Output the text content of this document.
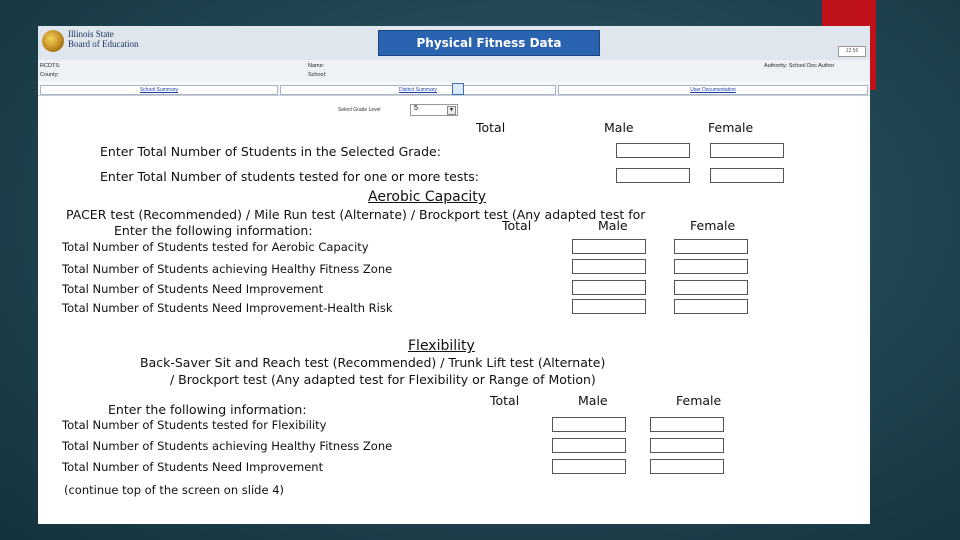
Illinois State
Board of Education	Physical Fitness Data
12:56
RCDTS:
County:
Name:
School:
Authority: School Doc Author
School Summary	District Summary	User Documentation
Select Grade Level	5	▼
Total	Male	Female
Enter Total Number of Students in the Selected Grade:
Enter Total Number of students tested for one or more tests:
Aerobic Capacity
PACER test (Recommended) / Mile Run test (Alternate) / Brockport test (Any adapted test for
Enter the following information:	Total	Male	Female
Total Number of Students tested for Aerobic Capacity
Total Number of Students achieving Healthy Fitness Zone
Total Number of Students Need Improvement
Total Number of Students Need Improvement-Health Risk
Flexibility
Back-Saver Sit and Reach test (Recommended) / Trunk Lift test (Alternate)
/ Brockport test (Any adapted test for Flexibility or Range of Motion)
Enter the following information:
Total	Male	Female
Total Number of Students tested for Flexibility
Total Number of Students achieving Healthy Fitness Zone
Total Number of Students Need Improvement
(continue top of the screen on slide 4)
